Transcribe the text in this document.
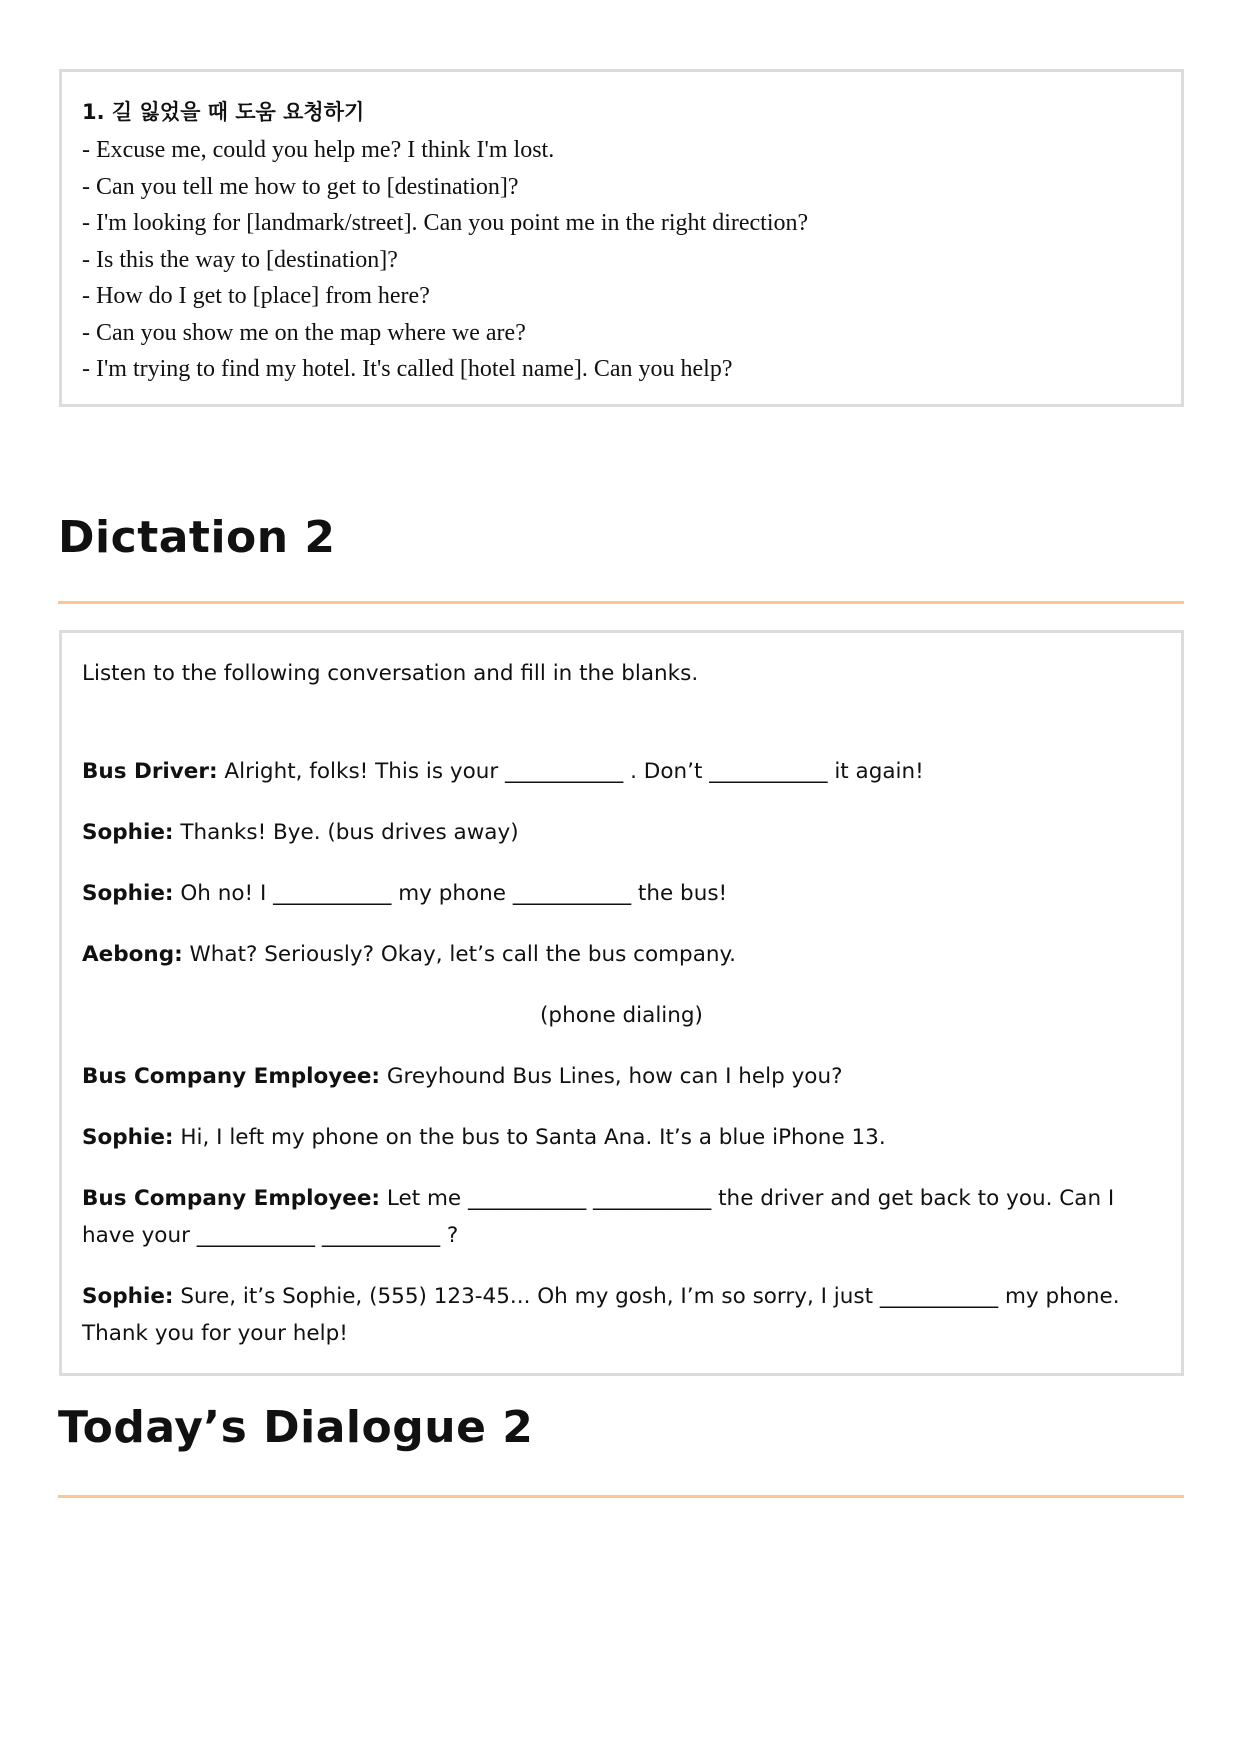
1. 길 잃었을 때 도움 요청하기
- Excuse me, could you help me? I think I'm lost.
- Can you tell me how to get to [destination]?
- I'm looking for [landmark/street]. Can you point me in the right direction?
- Is this the way to [destination]?
- How do I get to [place] from here?
- Can you show me on the map where we are?
- I'm trying to find my hotel. It's called [hotel name]. Can you help?
Dictation 2
Listen to the following conversation and fill in the blanks.
Bus Driver: Alright, folks! This is your ___________ . Don’t ___________ it again!
Sophie: Thanks! Bye. (bus drives away)
Sophie: Oh no! I ___________ my phone ___________ the bus!
Aebong: What? Seriously? Okay, let’s call the bus company.
(phone dialing)
Bus Company Employee: Greyhound Bus Lines, how can I help you?
Sophie: Hi, I left my phone on the bus to Santa Ana. It’s a blue iPhone 13.
Bus Company Employee: Let me ___________ ___________ the driver and get back to you. Can I have your ___________ ___________ ?
Sophie: Sure, it’s Sophie, (555) 123-45... Oh my gosh, I’m so sorry, I just ___________ my phone. Thank you for your help!
Today’s Dialogue 2
